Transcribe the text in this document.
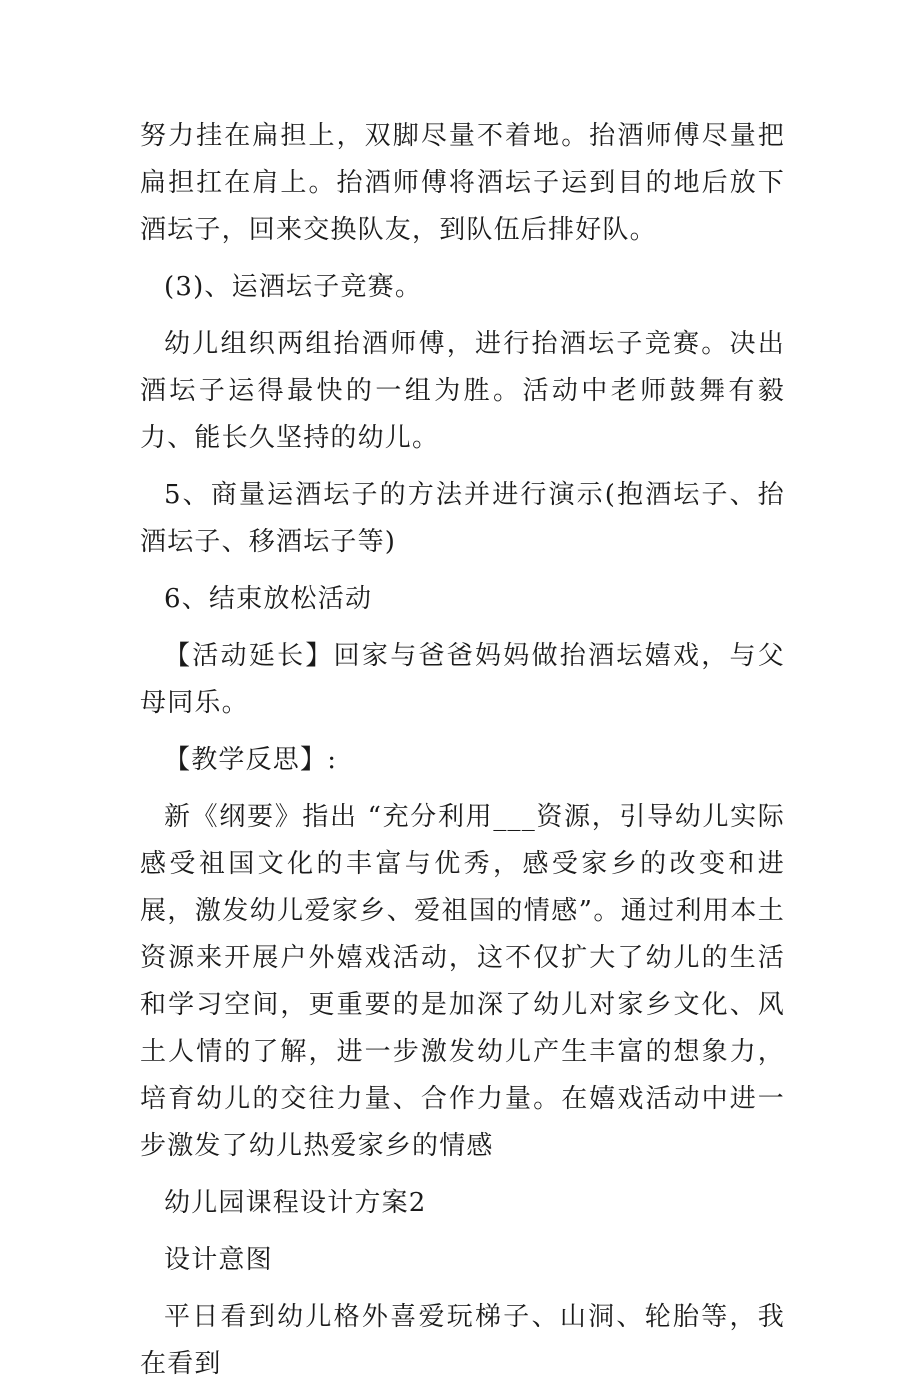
努力挂在扁担上，双脚尽量不着地。抬酒师傅尽量把扁担扛在肩上。抬酒师傅将酒坛子运到目的地后放下酒坛子，回来交换队友，到队伍后排好队。

(3)、运酒坛子竞赛。

幼儿组织两组抬酒师傅，进行抬酒坛子竞赛。决出酒坛子运得最快的一组为胜。活动中老师鼓舞有毅力、能长久坚持的幼儿。

5、商量运酒坛子的方法并进行演示(抱酒坛子、抬酒坛子、移酒坛子等)

6、结束放松活动

【活动延长】回家与爸爸妈妈做抬酒坛嬉戏，与父母同乐。

【教学反思】:

新《纲要》指出 “充分利用___资源，引导幼儿实际感受祖国文化的丰富与优秀，感受家乡的改变和进展，激发幼儿爱家乡、爱祖国的情感”。通过利用本土资源来开展户外嬉戏活动，这不仅扩大了幼儿的生活和学习空间，更重要的是加深了幼儿对家乡文化、风土人情的了解，进一步激发幼儿产生丰富的想象力，培育幼儿的交往力量、合作力量。在嬉戏活动中进一步激发了幼儿热爱家乡的情感

幼儿园课程设计方案2

设计意图

平日看到幼儿格外喜爱玩梯子、山洞、轮胎等，我在看到
